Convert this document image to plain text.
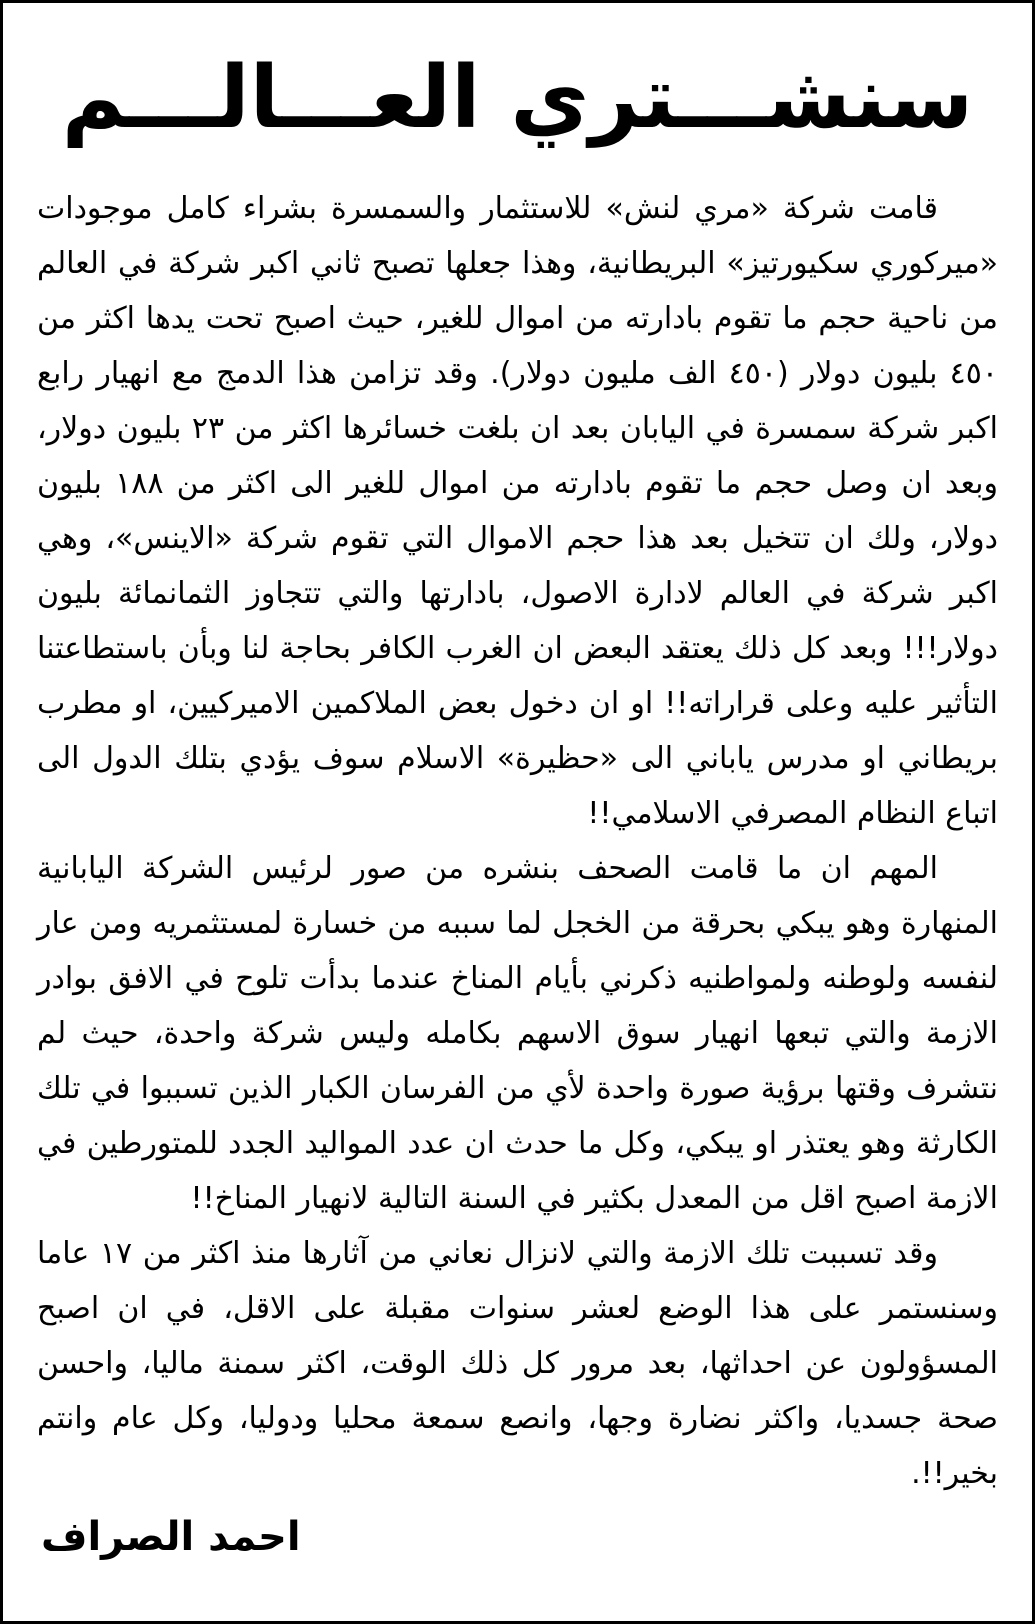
سنشـــتري العـــالـــم

قامت شركة «مري لنش» للاستثمار والسمسرة بشراء كامل موجودات «ميركوري سكيورتيز» البريطانية، وهذا جعلها تصبح ثاني اكبر شركة في العالم من ناحية حجم ما تقوم بادارته من اموال للغير، حيث اصبح تحت يدها اكثر من ٤٥٠ بليون دولار (٤٥٠ الف مليون دولار). وقد تزامن هذا الدمج مع انهيار رابع اكبر شركة سمسرة في اليابان بعد ان بلغت خسائرها اكثر من ٢٣ بليون دولار، وبعد ان وصل حجم ما تقوم بادارته من اموال للغير الى اكثر من ١٨٨ بليون دولار، ولك ان تتخيل بعد هذا حجم الاموال التي تقوم شركة «الاينس»، وهي اكبر شركة في العالم لادارة الاصول، بادارتها والتي تتجاوز الثمانمائة بليون دولار!!! وبعد كل ذلك يعتقد البعض ان الغرب الكافر بحاجة لنا وبأن باستطاعتنا التأثير عليه وعلى قراراته!! او ان دخول بعض الملاكمين الاميركيين، او مطرب بريطاني او مدرس ياباني الى «حظيرة» الاسلام سوف يؤدي بتلك الدول الى اتباع النظام المصرفي الاسلامي!!

المهم ان ما قامت الصحف بنشره من صور لرئيس الشركة اليابانية المنهارة وهو يبكي بحرقة من الخجل لما سببه من خسارة لمستثمريه ومن عار لنفسه ولوطنه ولمواطنيه ذكرني بأيام المناخ عندما بدأت تلوح في الافق بوادر الازمة والتي تبعها انهيار سوق الاسهم بكامله وليس شركة واحدة، حيث لم نتشرف وقتها برؤية صورة واحدة لأي من الفرسان الكبار الذين تسببوا في تلك الكارثة وهو يعتذر او يبكي، وكل ما حدث ان عدد المواليد الجدد للمتورطين في الازمة اصبح اقل من المعدل بكثير في السنة التالية لانهيار المناخ!!

وقد تسببت تلك الازمة والتي لانزال نعاني من آثارها منذ اكثر من ١٧ عاما وسنستمر على هذا الوضع لعشر سنوات مقبلة على الاقل، في ان اصبح المسؤولون عن احداثها، بعد مرور كل ذلك الوقت، اكثر سمنة ماليا، واحسن صحة جسديا، واكثر نضارة وجها، وانصع سمعة محليا ودوليا، وكل عام وانتم بخير!!.

احمد الصراف
